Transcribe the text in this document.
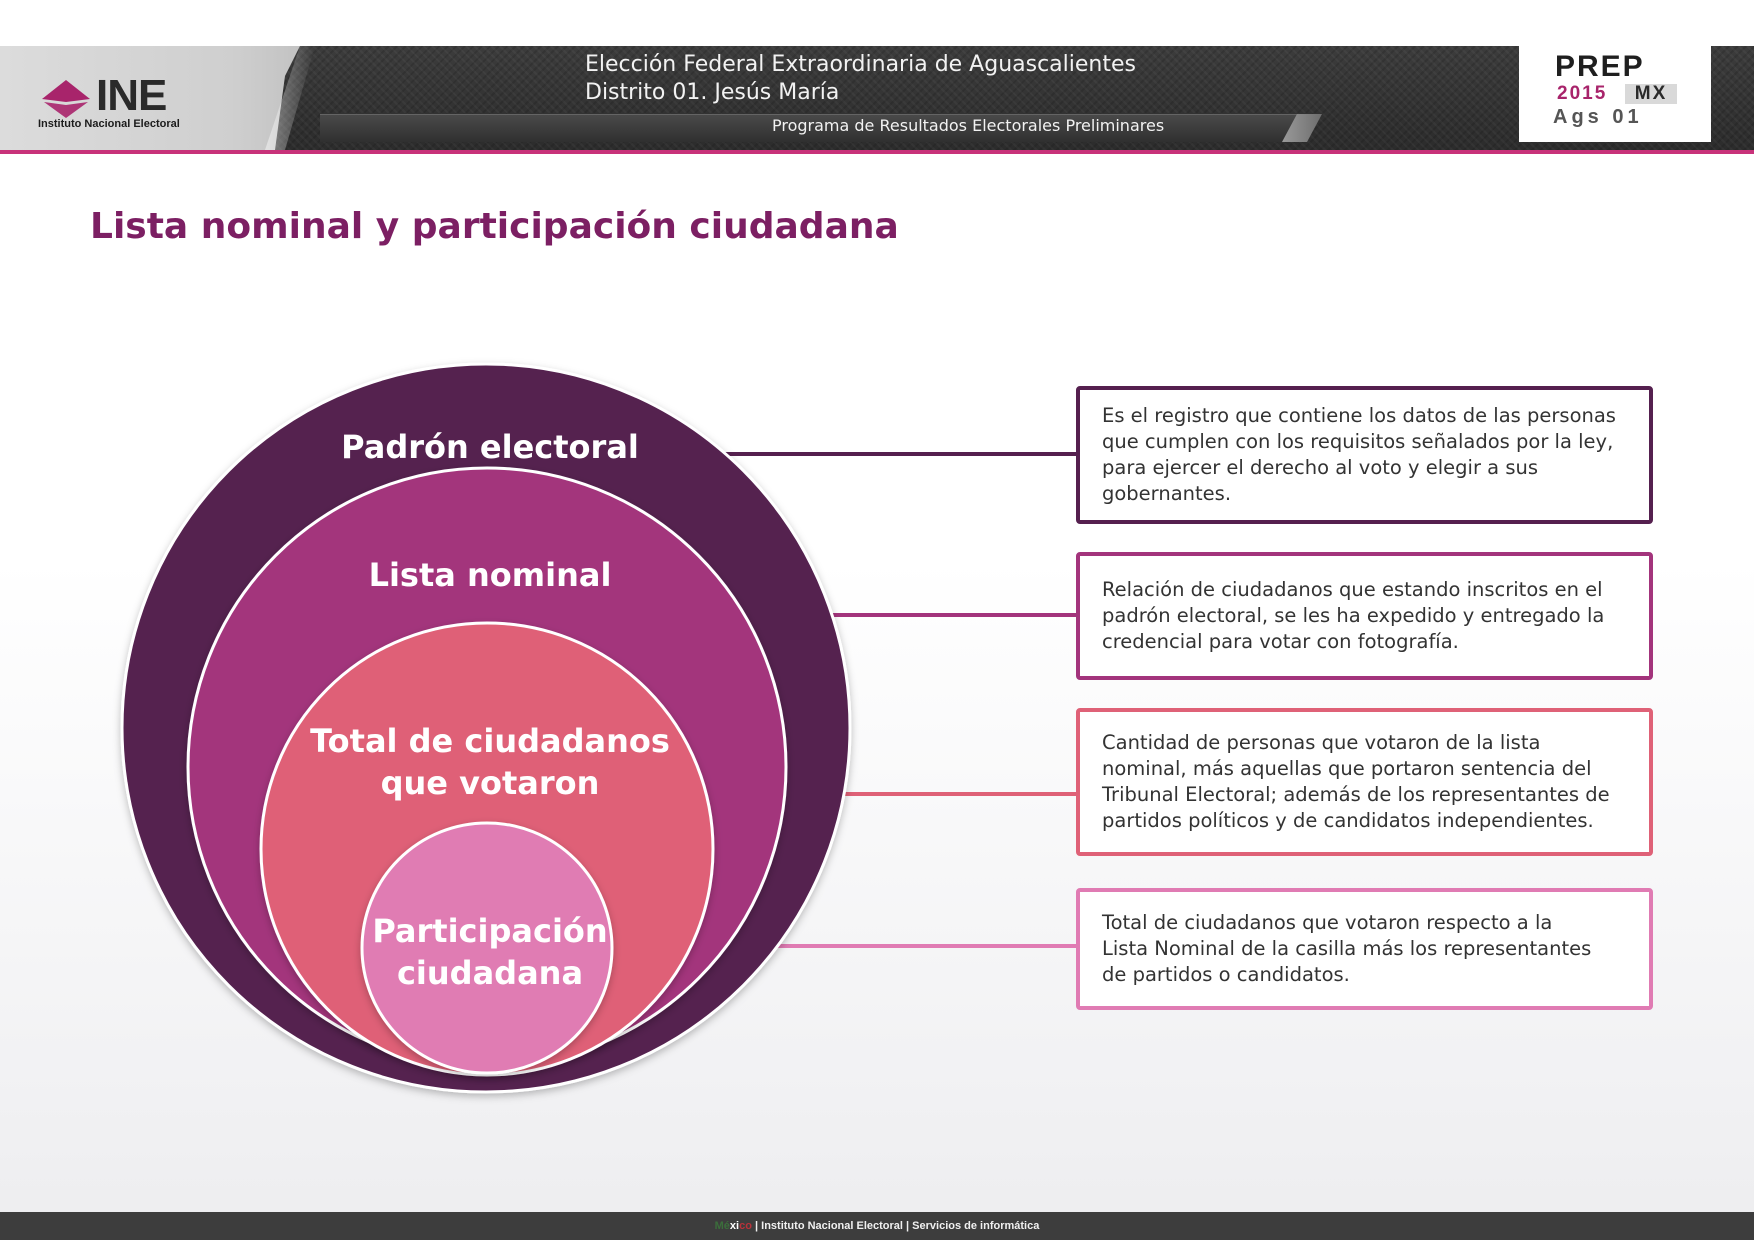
INE
Instituto Nacional Electoral
Elección Federal Extraordinaria de Aguascalientes
Distrito 01. Jesús María
Programa de Resultados Electorales Preliminares
PREP
2015	MX
Ags 01
Lista nominal y participación ciudadana
Padrón electoral
Lista nominal
Total de ciudadanos
que votaron
Participación
ciudadana
Es el registro que contiene los datos de las personas
que cumplen con los requisitos señalados por la ley,
para ejercer el derecho al voto y elegir a sus
gobernantes.
Relación de ciudadanos que estando inscritos en el
padrón electoral, se les ha expedido y entregado la
credencial para votar con fotografía.
Cantidad de personas que votaron de la lista
nominal, más aquellas que portaron sentencia del
Tribunal Electoral; además de los representantes de
partidos políticos y de candidatos independientes.
Total de ciudadanos que votaron respecto a la
Lista Nominal de la casilla más los representantes
de partidos o candidatos.
México | Instituto Nacional Electoral | Servicios de informática
